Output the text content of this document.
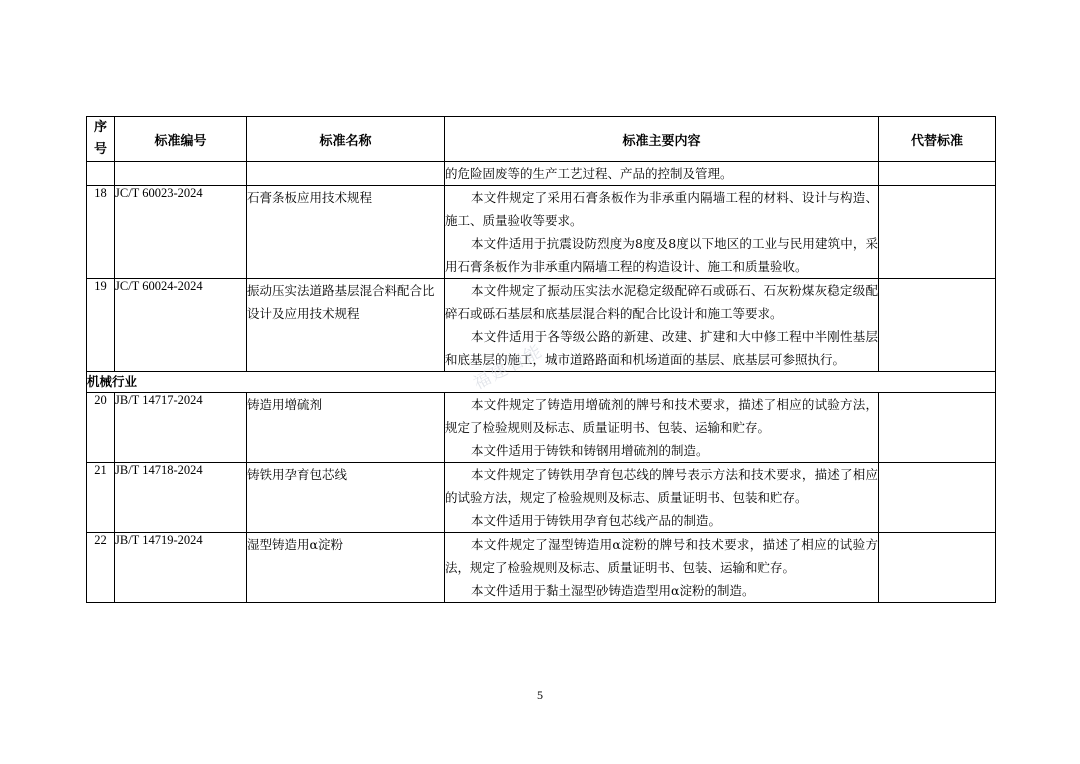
序
号	标准编号	标准名称	标准主要内容	代替标准

			的危险固废等的生产工艺过程、产品的控制及管理。	

18	JC/T 60023-2024	石膏条板应用技术规程	本文件规定了采用石膏条板作为非承重内隔墙工程的材料、设计与构造、施工、质量验收等要求。

本文件适用于抗震设防烈度为8度及8度以下地区的工业与民用建筑中，采用石膏条板作为非承重内隔墙工程的构造设计、施工和质量验收。	

19	JC/T 60024-2024	振动压实法道路基层混合料配合比设计及应用技术规程	本文件规定了振动压实法水泥稳定级配碎石或砾石、石灰粉煤灰稳定级配碎石或砾石基层和底基层混合料的配合比设计和施工等要求。

本文件适用于各等级公路的新建、改建、扩建和大中修工程中半刚性基层和底基层的施工，城市道路路面和机场道面的基层、底基层可参照执行。	

机械行业				
20	JB/T 14717-2024	铸造用增硫剂	本文件规定了铸造用增硫剂的牌号和技术要求，描述了相应的试验方法，规定了检验规则及标志、质量证明书、包装、运输和贮存。

本文件适用于铸铁和铸钢用增硫剂的制造。	

21	JB/T 14718-2024	铸铁用孕育包芯线	本文件规定了铸铁用孕育包芯线的牌号表示方法和技术要求，描述了相应的试验方法，规定了检验规则及标志、质量证明书、包装和贮存。

本文件适用于铸铁用孕育包芯线产品的制造。	

22	JB/T 14719-2024	湿型铸造用α淀粉	本文件规定了湿型铸造用α淀粉的牌号和技术要求，描述了相应的试验方法，规定了检验规则及标志、质量证明书、包装、运输和贮存。

本文件适用于黏土湿型砂铸造造型用α淀粉的制造。	

福建智能
5
